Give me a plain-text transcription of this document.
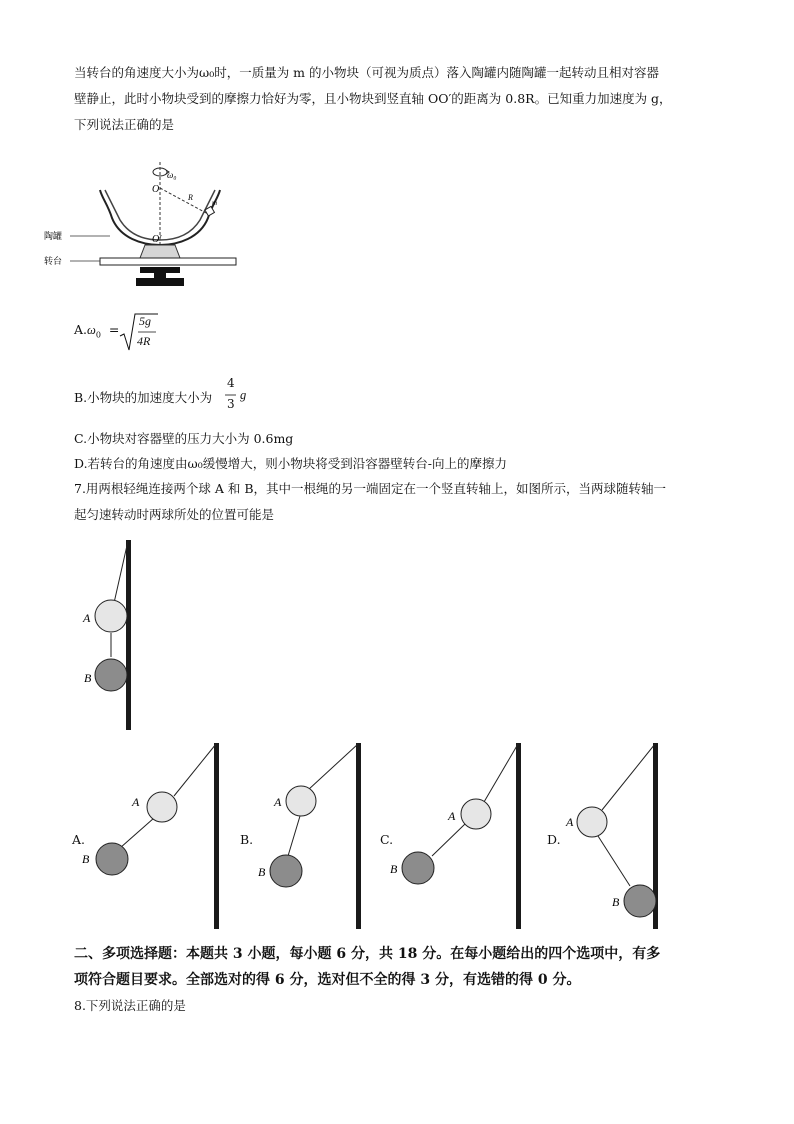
当转台的角速度大小为ω₀时，一质量为 m 的小物块（可视为质点）落入陶罐内随陶罐一起转动且相对容器
壁静止，此时小物块受到的摩擦力恰好为零，且小物块到竖直轴 OO′的距离为 0.8R。已知重力加速度为 g，
下列说法正确的是
ω₀
O
O′
R
m
陶罐
转台
$A.\omega_0$ =
5g
4R
B.小物块的加速度大小为
4
3
g
C.小物块对容器壁的压力大小为 0.6mg
D.若转台的角速度由ω₀缓慢增大，则小物块将受到沿容器壁转台-向上的摩擦力
7.用两根轻绳连接两个球 A 和 B，其中一根绳的另一端固定在一个竖直转轴上，如图所示，当两球随转轴一
起匀速转动时两球所处的位置可能是
A
B
A.
A
B
B.
A
B
C.
A
B
D.
A
B
二、多项选择题：本题共 3 小题，每小题 6 分，共 18 分。在每小题给出的四个选项中，有多
项符合题目要求。全部选对的得 6 分，选对但不全的得 3 分，有选错的得 0 分。
8.下列说法正确的是
